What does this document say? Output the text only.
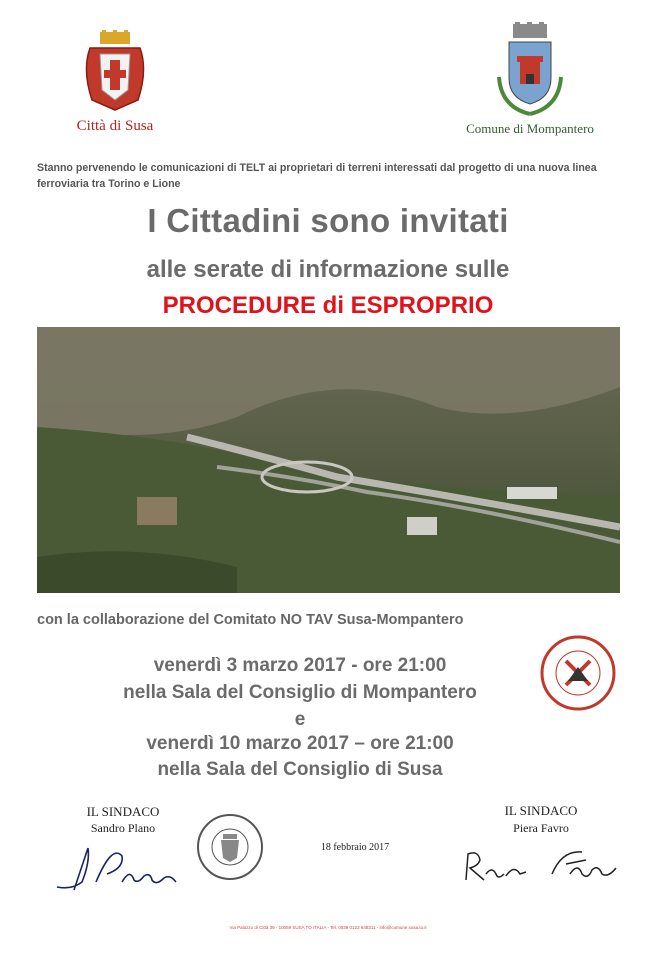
Città di Susa	Comune di Mompantero
Stanno pervenendo le comunicazioni di TELT ai proprietari di terreni interessati dal progetto di una nuova linea ferroviaria tra Torino e Lione
I Cittadini sono invitati
alle serate di informazione sulle
PROCEDURE di ESPROPRIO
con la collaborazione del Comitato NO TAV Susa-Mompantero
venerdì 3 marzo 2017 - ore 21:00
nella Sala del Consiglio di Mompantero
e
venerdì 10 marzo 2017 – ore 21:00
nella Sala del Consiglio di Susa
IL SINDACO
Sandro Plano
18 febbraio 2017
IL SINDACO
Piera Favro
Via Palazzo di Città 39 - 10059 SUSA TO ITALIA - Tel. 0039 0122 648311 - info@comune.susa.to.it
